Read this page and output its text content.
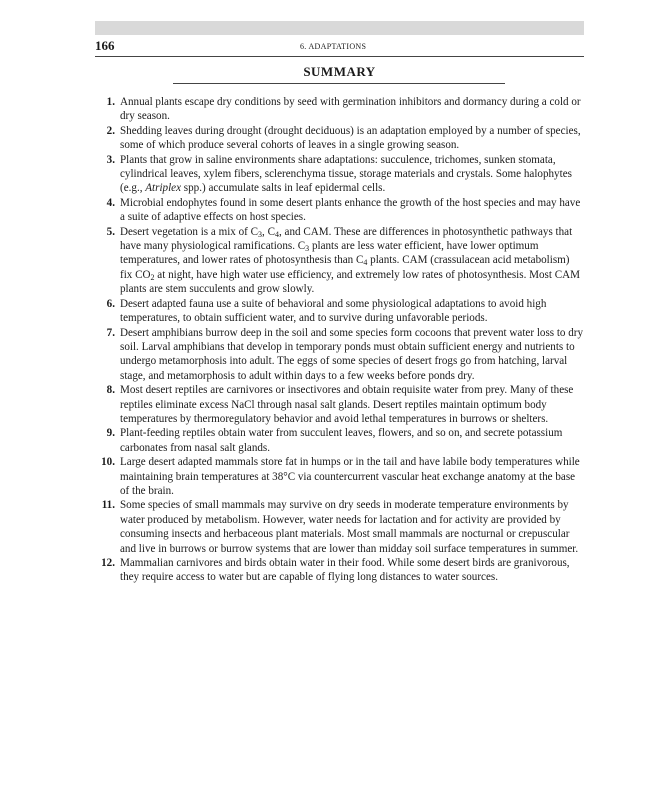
166	6. ADAPTATIONS
SUMMARY
1. Annual plants escape dry conditions by seed with germination inhibitors and dormancy during a cold or dry season.
2. Shedding leaves during drought (drought deciduous) is an adaptation employed by a number of species, some of which produce several cohorts of leaves in a single growing season.
3. Plants that grow in saline environments share adaptations: succulence, trichomes, sunken stomata, cylindrical leaves, xylem fibers, sclerenchyma tissue, storage materials and crystals. Some halophytes (e.g., Atriplex spp.) accumulate salts in leaf epidermal cells.
4. Microbial endophytes found in some desert plants enhance the growth of the host species and may have a suite of adaptive effects on host species.
5. Desert vegetation is a mix of $C_3$, $C_4$, and CAM. These are differences in photosynthetic pathways that have many physiological ramifications. $C_3$ plants are less water efficient, have lower optimum temperatures, and lower rates of photosynthesis than $C_4$ plants. CAM (crassulacean acid metabolism) fix $CO_2$ at night, have high water use efficiency, and extremely low rates of photosynthesis. Most CAM plants are stem succulents and grow slowly.
6. Desert adapted fauna use a suite of behavioral and some physiological adaptations to avoid high temperatures, to obtain sufficient water, and to survive during unfavorable periods.
7. Desert amphibians burrow deep in the soil and some species form cocoons that prevent water loss to dry soil. Larval amphibians that develop in temporary ponds must obtain sufficient energy and nutrients to undergo metamorphosis into adult. The eggs of some species of desert frogs go from hatching, larval stage, and metamorphosis to adult within days to a few weeks before ponds dry.
8. Most desert reptiles are carnivores or insectivores and obtain requisite water from prey. Many of these reptiles eliminate excess NaCl through nasal salt glands. Desert reptiles maintain optimum body temperatures by thermoregulatory behavior and avoid lethal temperatures in burrows or shelters.
9. Plant-feeding reptiles obtain water from succulent leaves, flowers, and so on, and secrete potassium carbonates from nasal salt glands.
10. Large desert adapted mammals store fat in humps or in the tail and have labile body temperatures while maintaining brain temperatures at 38°C via countercurrent vascular heat exchange anatomy at the base of the brain.
11. Some species of small mammals may survive on dry seeds in moderate temperature environments by water produced by metabolism. However, water needs for lactation and for activity are provided by consuming insects and herbaceous plant materials. Most small mammals are nocturnal or crepuscular and live in burrows or burrow systems that are lower than midday soil surface temperatures in summer.
12. Mammalian carnivores and birds obtain water in their food. While some desert birds are granivorous, they require access to water but are capable of flying long distances to water sources.
